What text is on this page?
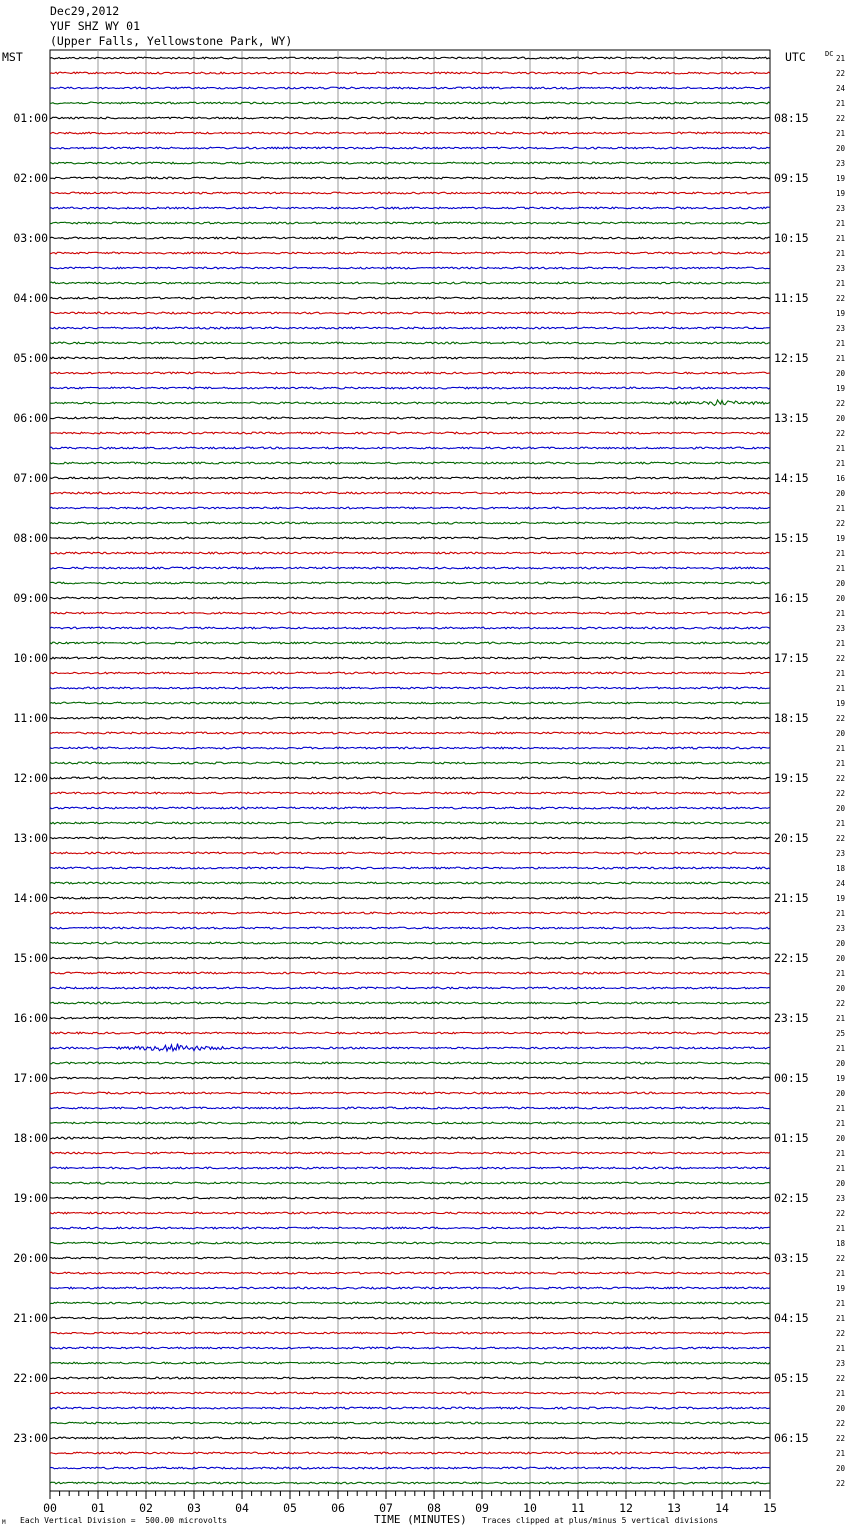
Dec29,2012
YUF SHZ WY 01
(Upper Falls, Yellowstone Park, WY)
MST	UTC	DC
01:00
02:00
03:00
04:00
05:00
06:00
07:00
08:00
09:00
10:00
11:00
12:00
13:00
14:00
15:00
16:00
17:00
18:00
19:00
20:00
21:00
22:00
23:00
08:15
09:15
10:15
11:15
12:15
13:15
14:15
15:15
16:15
17:15
18:15
19:15
20:15
21:15
22:15
23:15
00:15
01:15
02:15
03:15
04:15
05:15
06:15
21
22
24
21
22
21
20
23
19
19
23
21
21
21
23
21
22
19
23
21
21
20
19
22
20
22
21
21
16
20
21
22
19
21
21
20
20
21
23
21
22
21
21
19
22
20
21
21
22
22
20
21
22
23
18
24
19
21
23
20
20
21
20
22
21
25
21
20
19
20
21
21
20
21
21
20
23
22
21
18
22
21
19
21
21
22
21
23
22
21
20
22
22
21
20
22
00	01	02	03	04	05	06	07	08	09	10	11	12	13	14	15
M Each Vertical Division =  500.00 microvolts	TIME (MINUTES) Traces clipped at plus/minus 5 vertical divisions
